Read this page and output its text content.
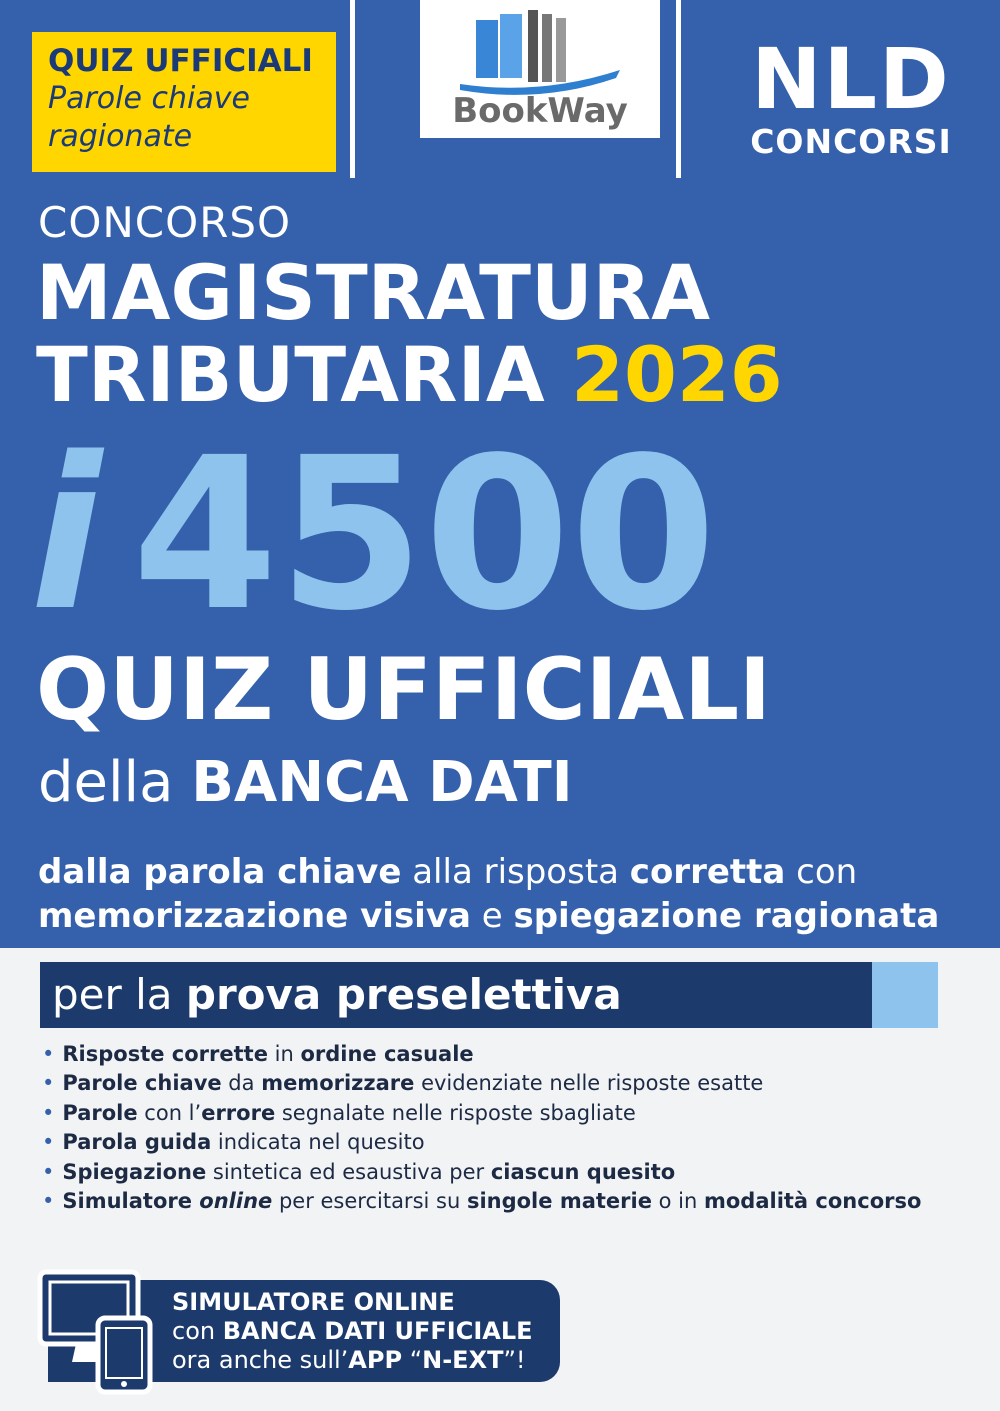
QUIZ UFFICIALI
Parole chiave
ragionate
BookWay NLD
CONCORSI
CONCORSO
MAGISTRATURA
TRIBUTARIA 2026
i 4500
QUIZ UFFICIALI
della BANCA DATI
dalla parola chiave alla risposta corretta con
memorizzazione visiva e spiegazione ragionata
per la prova preselettiva
• Risposte corrette in ordine casuale
• Parole chiave da memorizzare evidenziate nelle risposte esatte
• Parole con l’errore segnalate nelle risposte sbagliate
• Parola guida indicata nel quesito
• Spiegazione sintetica ed esaustiva per ciascun quesito
• Simulatore online per esercitarsi su singole materie o in modalità concorso
SIMULATORE ONLINE
con BANCA DATI UFFICIALE
ora anche sull’APP “N-EXT”!
